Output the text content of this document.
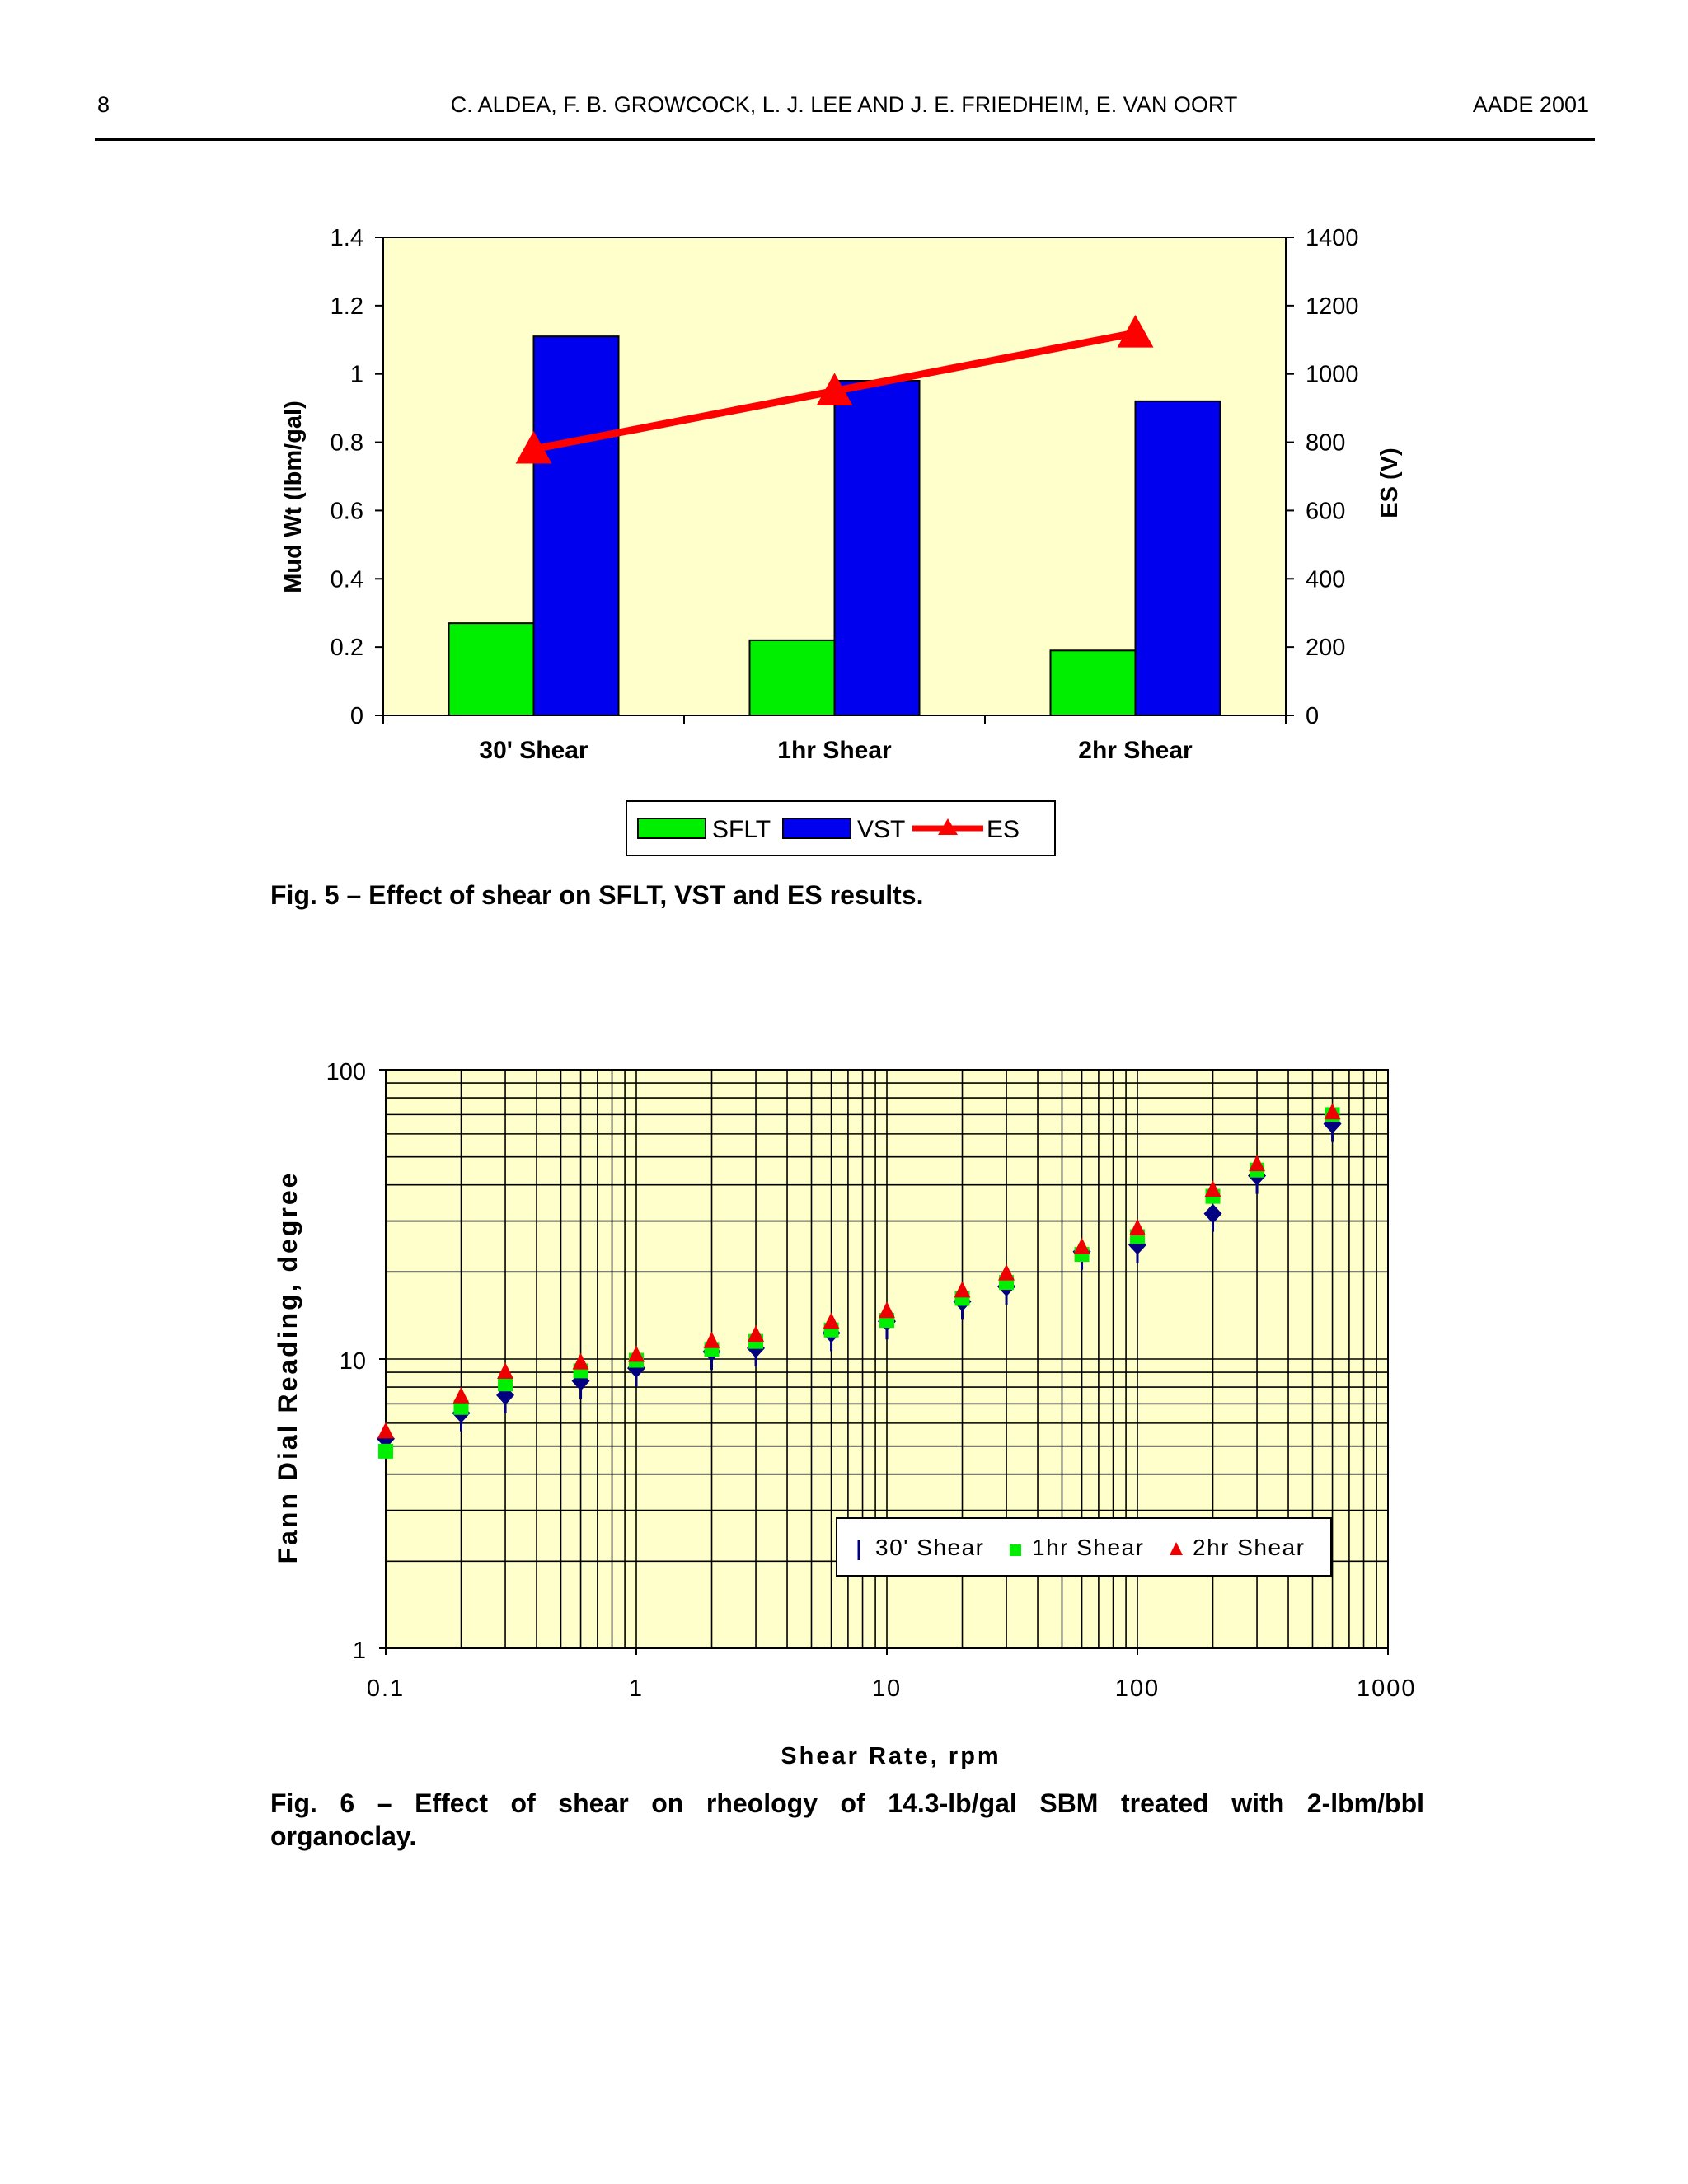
8	C. ALDEA, F. B. GROWCOCK, L. J. LEE AND J. E. FRIEDHEIM, E. VAN OORT	AADE 2001
0
0.2
0.4
0.6
0.8
1
1.2
1.4
0
200
400
600
800
1000
1200
1400
30' Shear	1hr Shear	2hr Shear
Mud Wt (lbm/gal)	ES (V)
SFLT	VST	ES
Fig. 5 – Effect of shear on SFLT, VST and ES results.
0.1	1	10	100	1000
1
10
100
Shear Rate, rpm
Fann Dial Reading, degree	30' Shear 1hr Shear 2hr Shear
Fig. 6 – Effect of shear on rheology of 14.3-lb/gal SBM treated with 2-lbm/bbl
organoclay.
